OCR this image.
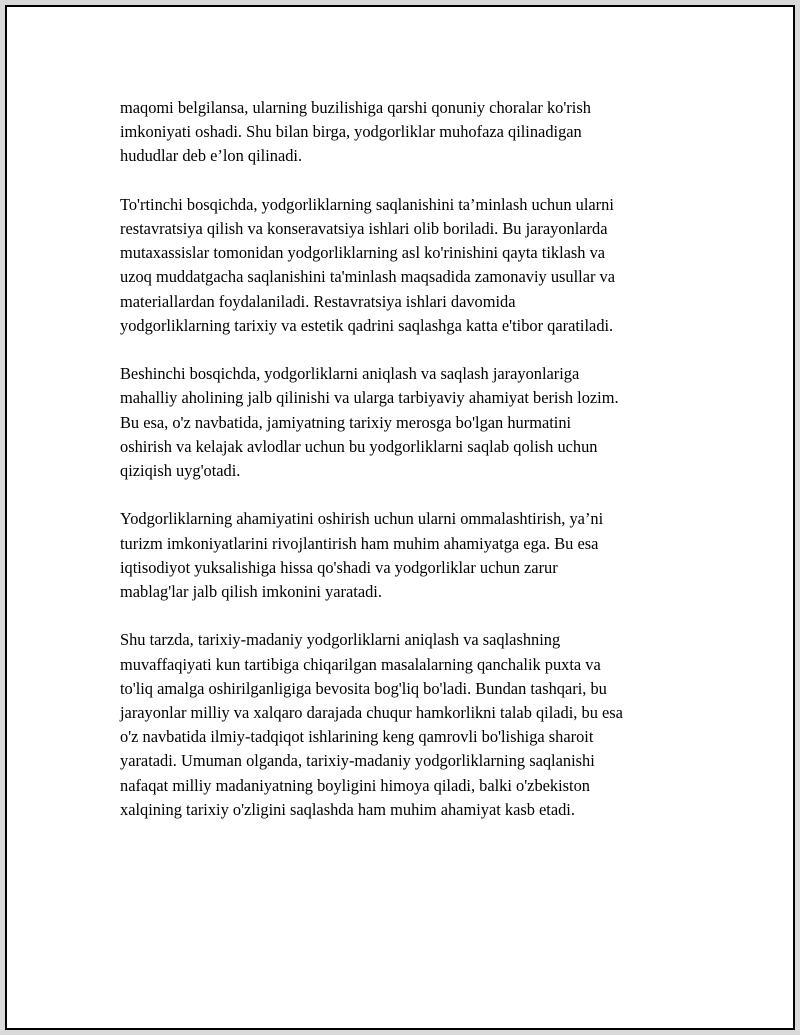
maqomi belgilansa, ularning buzilishiga qarshi qonuniy choralar ko'rish
imkoniyati oshadi. Shu bilan birga, yodgorliklar muhofaza qilinadigan
hududlar deb e’lon qilinadi.

To'rtinchi bosqichda, yodgorliklarning saqlanishini ta’minlash uchun ularni
restavratsiya qilish va konseravatsiya ishlari olib boriladi. Bu jarayonlarda
mutaxassislar tomonidan yodgorliklarning asl ko'rinishini qayta tiklash va
uzoq muddatgacha saqlanishini ta'minlash maqsadida zamonaviy usullar va
materiallardan foydalaniladi. Restavratsiya ishlari davomida
yodgorliklarning tarixiy va estetik qadrini saqlashga katta e'tibor qaratiladi.

Beshinchi bosqichda, yodgorliklarni aniqlash va saqlash jarayonlariga
mahalliy aholining jalb qilinishi va ularga tarbiyaviy ahamiyat berish lozim.
Bu esa, o'z navbatida, jamiyatning tarixiy merosga bo'lgan hurmatini
oshirish va kelajak avlodlar uchun bu yodgorliklarni saqlab qolish uchun
qiziqish uyg'otadi.

Yodgorliklarning ahamiyatini oshirish uchun ularni ommalashtirish, ya’ni
turizm imkoniyatlarini rivojlantirish ham muhim ahamiyatga ega. Bu esa
iqtisodiyot yuksalishiga hissa qo'shadi va yodgorliklar uchun zarur
mablag'lar jalb qilish imkonini yaratadi.

Shu tarzda, tarixiy-madaniy yodgorliklarni aniqlash va saqlashning
muvaffaqiyati kun tartibiga chiqarilgan masalalarning qanchalik puxta va
to'liq amalga oshirilganligiga bevosita bog'liq bo'ladi. Bundan tashqari, bu
jarayonlar milliy va xalqaro darajada chuqur hamkorlikni talab qiladi, bu esa
o'z navbatida ilmiy-tadqiqot ishlarining keng qamrovli bo'lishiga sharoit
yaratadi. Umuman olganda, tarixiy-madaniy yodgorliklarning saqlanishi
nafaqat milliy madaniyatning boyligini himoya qiladi, balki o'zbekiston
xalqining tarixiy o'zligini saqlashda ham muhim ahamiyat kasb etadi.
